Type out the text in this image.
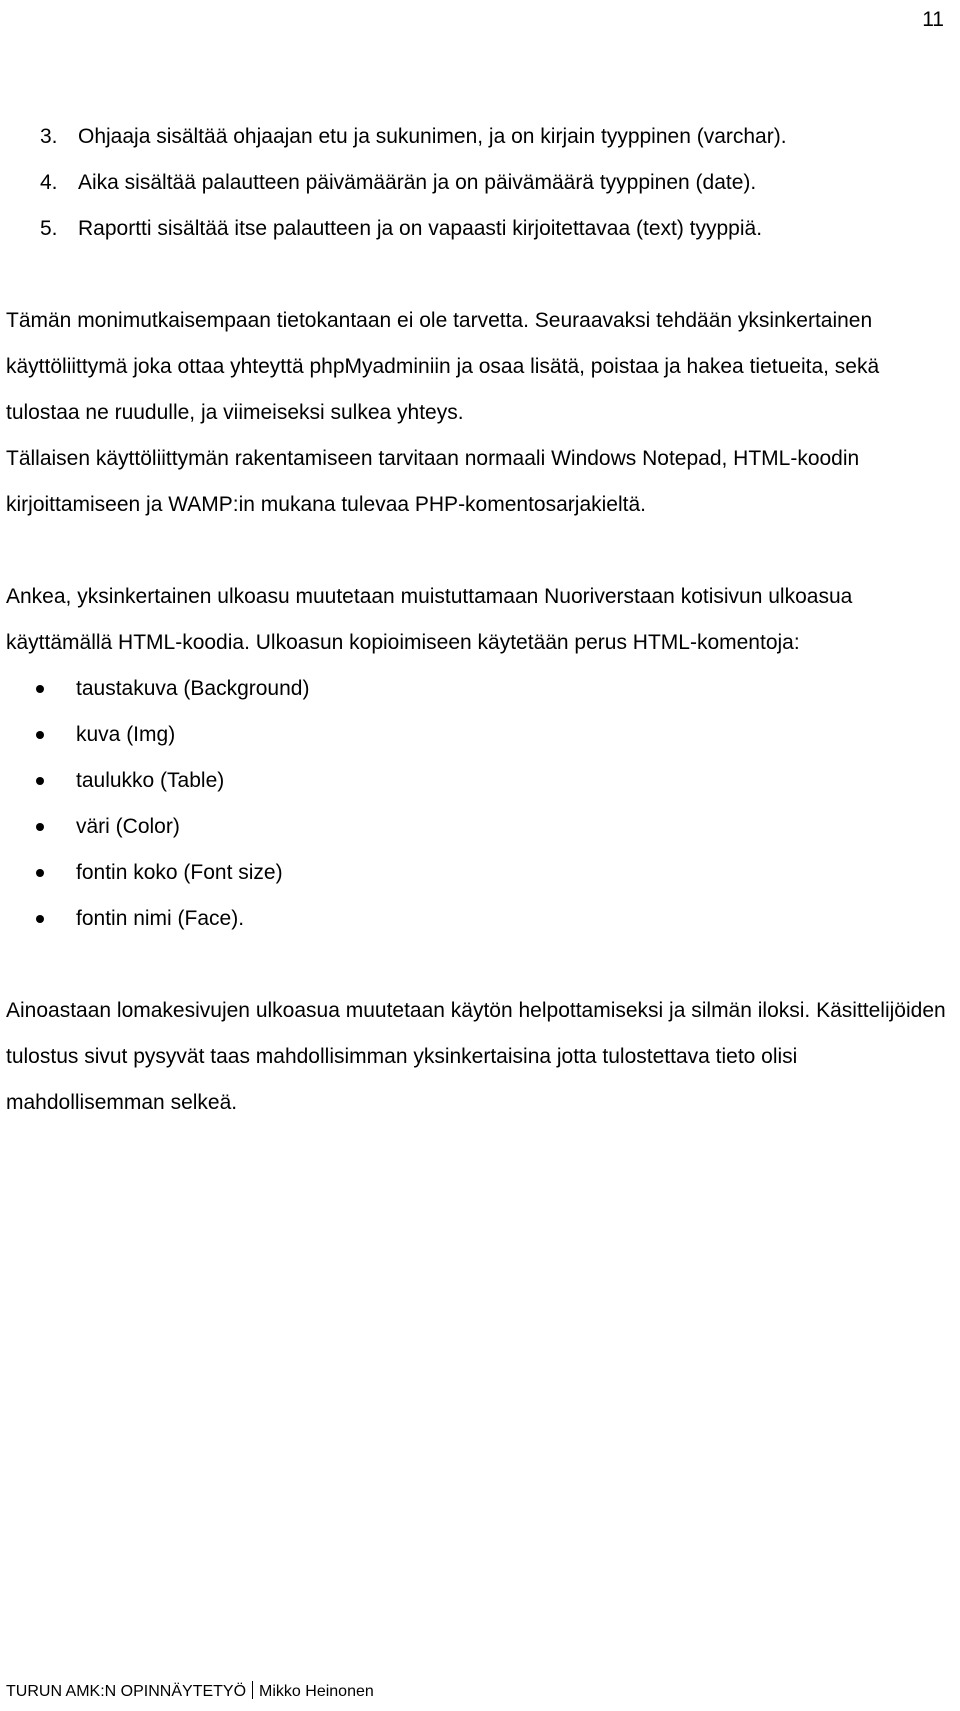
11
3. Ohjaaja sisältää ohjaajan etu ja sukunimen, ja on kirjain tyyppinen (varchar).
4. Aika sisältää palautteen päivämäärän ja on päivämäärä tyyppinen (date).
5. Raportti sisältää itse palautteen ja on vapaasti kirjoitettavaa (text) tyyppiä.

Tämän monimutkaisempaan tietokantaan ei ole tarvetta. Seuraavaksi tehdään yksinkertainen käyttöliittymä joka ottaa yhteyttä phpMyadminiin ja osaa lisätä, poistaa ja hakea tietueita, sekä tulostaa ne ruudulle, ja viimeiseksi sulkea yhteys.

Tällaisen käyttöliittymän rakentamiseen tarvitaan normaali Windows Notepad, HTML-koodin kirjoittamiseen ja WAMP:in mukana tulevaa PHP-komentosarjakieltä.

Ankea, yksinkertainen ulkoasu muutetaan muistuttamaan Nuoriverstaan kotisivun ulkoasua käyttämällä HTML-koodia. Ulkoasun kopioimiseen käytetään perus HTML-komentoja:

taustakuva (Background)
kuva (Img)
taulukko (Table)
väri (Color)
fontin koko (Font size)
fontin nimi (Face).

Ainoastaan lomakesivujen ulkoasua muutetaan käytön helpottamiseksi ja silmän iloksi. Käsittelijöiden tulostus sivut pysyvät taas mahdollisimman yksinkertaisina jotta tulostettava tieto olisi mahdollisemman selkeä.

TURUN AMK:N OPINNÄYTETYÖ Mikko Heinonen
